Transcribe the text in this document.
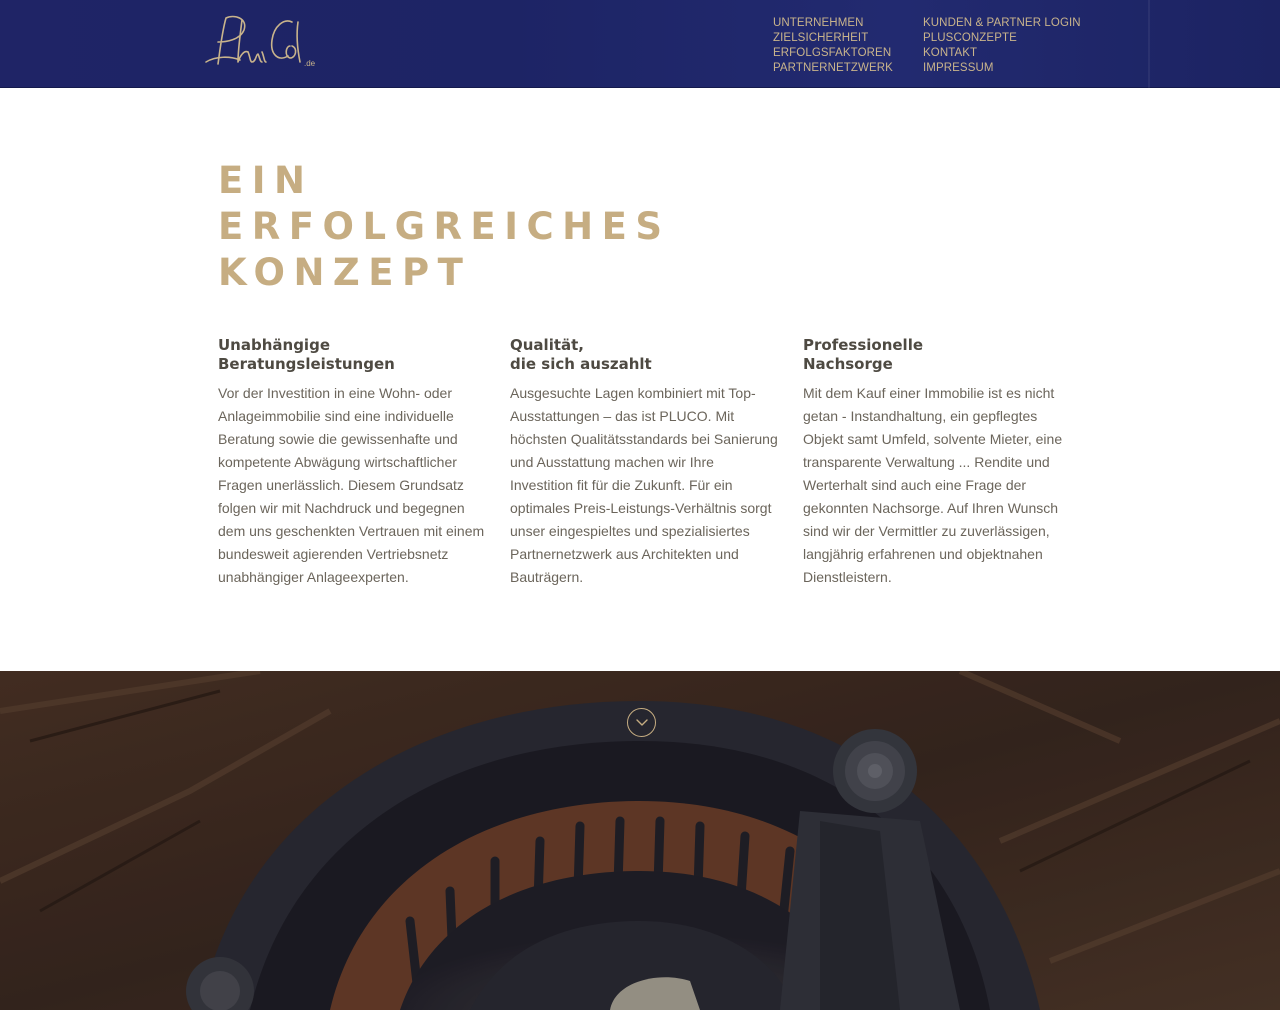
.de
UNTERNEHMEN
ZIELSICHERHEIT
ERFOLGSFAKTOREN
PARTNERNETZWERK
KUNDEN & PARTNER LOGIN
PLUSCONZEPTE
KONTAKT
IMPRESSUM
EIN
ERFOLGREICHES
KONZEPT
Unabhängige
Beratungsleistungen

Vor der Investition in eine Wohn- oder Anlageimmobilie sind eine individuelle Beratung sowie die gewissenhafte und kompetente Abwägung wirtschaftlicher Fragen unerlässlich. Diesem Grundsatz folgen wir mit Nachdruck und begegnen dem uns geschenkten Vertrauen mit einem bundesweit agierenden Vertriebsnetz unabhängiger Anlageexperten.

Qualität,
die sich auszahlt

Ausgesuchte Lagen kombiniert mit Top-Ausstattungen – das ist PLUCO. Mit höchsten Qualitätsstandards bei Sanierung und Ausstattung machen wir Ihre Investition fit für die Zukunft. Für ein optimales Preis-Leistungs-Verhältnis sorgt unser eingespieltes und spezialisiertes Partnernetzwerk aus Architekten und Bauträgern.

Professionelle
Nachsorge

Mit dem Kauf einer Immobilie ist es nicht getan - Instandhaltung, ein gepflegtes Objekt samt Umfeld, solvente Mieter, eine transparente Verwaltung ... Rendite und Werterhalt sind auch eine Frage der gekonnten Nachsorge. Auf Ihren Wunsch sind wir der Vermittler zu zuverlässigen, langjährig erfahrenen und objektnahen Dienstleistern.
